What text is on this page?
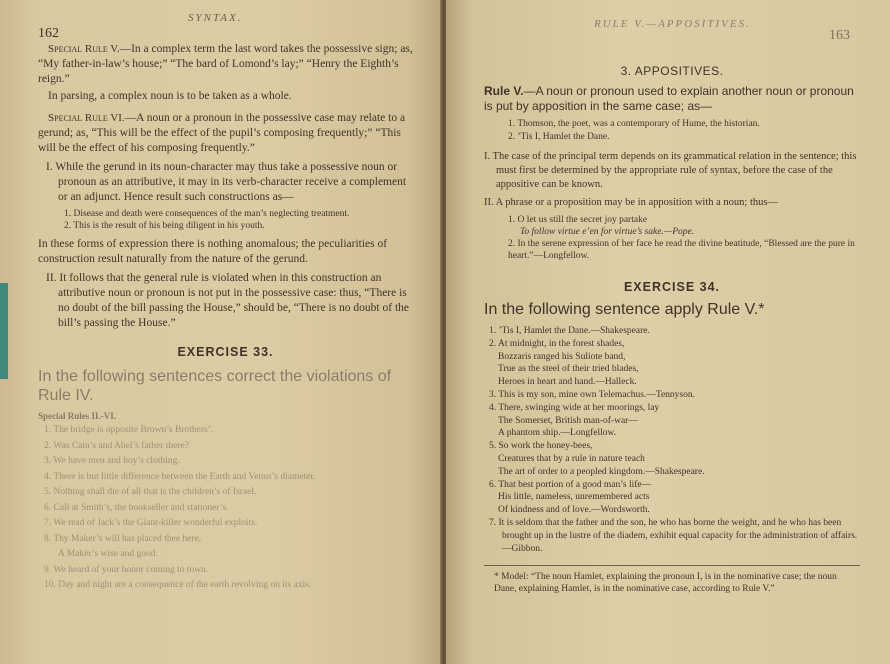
162
SYNTAX.

Special Rule V.—In a complex term the last word takes the possessive sign; as, “My father-in-law’s house;” “The bard of Lomond’s lay;” “Henry the Eighth’s reign.”

In parsing, a complex noun is to be taken as a whole.

Special Rule VI.—A noun or a pronoun in the possessive case may relate to a gerund; as, “This will be the effect of the pupil’s composing frequently;” “This will be the effect of his composing frequently.”

I. While the gerund in its noun-character may thus take a possessive noun or pronoun as an attributive, it may in its verb-character receive a complement or an adjunct. Hence result such constructions as—

1. Disease and death were consequences of the man’s neglecting treatment.

2. This is the result of his being diligent in his youth.

In these forms of expression there is nothing anomalous; the peculiarities of construction result naturally from the nature of the gerund.

II. It follows that the general rule is violated when in this construction an attributive noun or pronoun is not put in the possessive case: thus, “There is no doubt of the bill passing the House,” should be, “There is no doubt of the bill’s passing the House.”

EXERCISE 33.

In the following sentences correct the violations of Rule IV.

Special Rules II.-VI.

1. The bridge is opposite Brown’s Brothers’.

2. Was Cain’s and Abel’s father there?

3. We have men and boy’s clothing.

4. There is but little difference between the Earth and Venus’s diameter.

5. Nothing shall die of all that is the children’s of Israel.

6. Call at Smith’s, the bookseller and stationer’s.

7. We read of Jack’s the Giant-killer wonderful exploits.

8. Thy Maker’s will has placed thee here,

A Maker’s wise and good.

9. We heard of your honor coming to town.

10. Day and night are a consequence of the earth revolving on its axis.

RULE V.—APPOSITIVES.
163

3. APPOSITIVES.

Rule V.—A noun or pronoun used to explain another noun or pronoun is put by apposition in the same case; as—

1. Thomson, the poet, was a contemporary of Hume, the historian.

2. ’Tis I, Hamlet the Dane.

I. The case of the principal term depends on its grammatical relation in the sentence; this must first be determined by the appropriate rule of syntax, before the case of the appositive can be known.

II. A phrase or a proposition may be in apposition with a noun; thus—

1. O let us still the secret joy partake

To follow virtue e’en for virtue’s sake.—Pope.

2. In the serene expression of her face he read the divine beatitude, “Blessed are the pure in heart.”—Longfellow.

EXERCISE 34.

In the following sentence apply Rule V.*

1. ’Tis I, Hamlet the Dane.—Shakespeare.

2. At midnight, in the forest shades,

Bozzaris ranged his Suliote band,

True as the steel of their tried blades,

Heroes in heart and hand.—Halleck.

3. This is my son, mine own Telemachus.—Tennyson.

4. There, swinging wide at her moorings, lay

The Somerset, British man-of-war—

A phantom ship.—Longfellow.

5. So work the honey-bees,

Creatures that by a rule in nature teach

The art of order to a peopled kingdom.—Shakespeare.

6. That best portion of a good man’s life—

His little, nameless, unremembered acts

Of kindness and of love.—Wordsworth.

7. It is seldom that the father and the son, he who has borne the weight, and he who has been brought up in the lustre of the diadem, exhibit equal capacity for the administration of affairs.—Gibbon.

* Model: “The noun Hamlet, explaining the pronoun I, is in the nominative case; the noun Dane, explaining Hamlet, is in the nominative case, according to Rule V.”
